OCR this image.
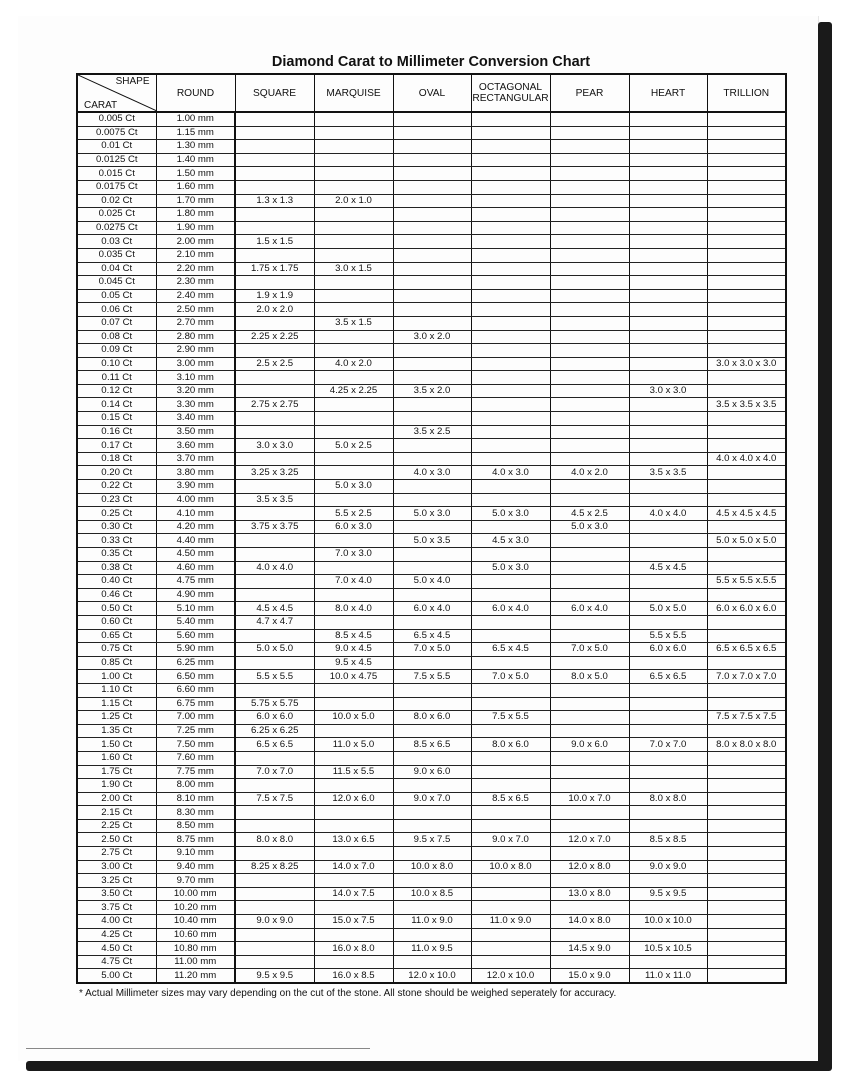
Diamond Carat to Millimeter Conversion Chart
SHAPE
CARAT	ROUND	SQUARE	MARQUISE	OVAL	OCTAGONAL
RECTANGULAR	PEAR	HEART	TRILLION
0.005 Ct	1.00 mm							
0.0075 Ct	1.15 mm							
0.01 Ct	1.30 mm							
0.0125 Ct	1.40 mm							
0.015 Ct	1.50 mm							
0.0175 Ct	1.60 mm							
0.02 Ct	1.70 mm	1.3 x 1.3	2.0 x 1.0					
0.025 Ct	1.80 mm							
0.0275 Ct	1.90 mm							
0.03 Ct	2.00 mm	1.5 x 1.5						
0.035 Ct	2.10 mm							
0.04 Ct	2.20 mm	1.75 x 1.75	3.0 x 1.5					
0.045 Ct	2.30 mm							
0.05 Ct	2.40 mm	1.9 x 1.9						
0.06 Ct	2.50 mm	2.0 x 2.0						
0.07 Ct	2.70 mm		3.5 x 1.5					
0.08 Ct	2.80 mm	2.25 x 2.25		3.0 x 2.0				
0.09 Ct	2.90 mm							
0.10 Ct	3.00 mm	2.5 x 2.5	4.0 x 2.0					3.0 x 3.0 x 3.0
0.11 Ct	3.10 mm							
0.12 Ct	3.20 mm		4.25 x 2.25	3.5 x 2.0			3.0 x 3.0	
0.14 Ct	3.30 mm	2.75 x 2.75						3.5 x 3.5 x 3.5
0.15 Ct	3.40 mm							
0.16 Ct	3.50 mm			3.5 x 2.5				
0.17 Ct	3.60 mm	3.0 x 3.0	5.0 x 2.5					
0.18 Ct	3.70 mm							4.0 x 4.0 x 4.0
0.20 Ct	3.80 mm	3.25 x 3.25		4.0 x 3.0	4.0 x 3.0	4.0 x 2.0	3.5 x 3.5	
0.22 Ct	3.90 mm		5.0 x 3.0					
0.23 Ct	4.00 mm	3.5 x 3.5						
0.25 Ct	4.10 mm		5.5 x 2.5	5.0 x 3.0	5.0 x 3.0	4.5 x 2.5	4.0 x 4.0	4.5 x 4.5 x 4.5
0.30 Ct	4.20 mm	3.75 x 3.75	6.0 x 3.0			5.0 x 3.0		
0.33 Ct	4.40 mm			5.0 x 3.5	4.5 x 3.0			5.0 x 5.0 x 5.0
0.35 Ct	4.50 mm		7.0 x 3.0					
0.38 Ct	4.60 mm	4.0 x 4.0			5.0 x 3.0		4.5 x 4.5	
0.40 Ct	4.75 mm		7.0 x 4.0	5.0 x 4.0				5.5 x 5.5 x.5.5
0.46 Ct	4.90 mm							
0.50 Ct	5.10 mm	4.5 x 4.5	8.0 x 4.0	6.0 x 4.0	6.0 x 4.0	6.0 x 4.0	5.0 x 5.0	6.0 x 6.0 x 6.0
0.60 Ct	5.40 mm	4.7 x 4.7						
0.65 Ct	5.60 mm		8.5 x 4.5	6.5 x 4.5			5.5 x 5.5	
0.75 Ct	5.90 mm	5.0 x 5.0	9.0 x 4.5	7.0 x 5.0	6.5 x 4.5	7.0 x 5.0	6.0 x 6.0	6.5 x 6.5 x 6.5
0.85 Ct	6.25 mm		9.5 x 4.5					
1.00 Ct	6.50 mm	5.5 x 5.5	10.0 x 4.75	7.5 x 5.5	7.0 x 5.0	8.0 x 5.0	6.5 x 6.5	7.0 x 7.0 x 7.0
1.10 Ct	6.60 mm							
1.15 Ct	6.75 mm	5.75 x 5.75						
1.25 Ct	7.00 mm	6.0 x 6.0	10.0 x 5.0	8.0 x 6.0	7.5 x 5.5			7.5 x 7.5 x 7.5
1.35 Ct	7.25 mm	6.25 x 6.25						
1.50 Ct	7.50 mm	6.5 x 6.5	11.0 x 5.0	8.5 x 6.5	8.0 x 6.0	9.0 x 6.0	7.0 x 7.0	8.0 x 8.0 x 8.0
1.60 Ct	7.60 mm							
1.75 Ct	7.75 mm	7.0 x 7.0	11.5 x 5.5	9.0 x 6.0				
1.90 Ct	8.00 mm							
2.00 Ct	8.10 mm	7.5 x 7.5	12.0 x 6.0	9.0 x 7.0	8.5 x 6.5	10.0 x 7.0	8.0 x 8.0	
2.15 Ct	8.30 mm							
2.25 Ct	8.50 mm							
2.50 Ct	8.75 mm	8.0 x 8.0	13.0 x 6.5	9.5 x 7.5	9.0 x 7.0	12.0 x 7.0	8.5 x 8.5	
2.75 Ct	9.10 mm							
3.00 Ct	9.40 mm	8.25 x 8.25	14.0 x 7.0	10.0 x 8.0	10.0 x 8.0	12.0 x 8.0	9.0 x 9.0	
3.25 Ct	9.70 mm							
3.50 Ct	10.00 mm		14.0 x 7.5	10.0 x 8.5		13.0 x 8.0	9.5 x 9.5	
3.75 Ct	10.20 mm							
4.00 Ct	10.40 mm	9.0 x 9.0	15.0 x 7.5	11.0 x 9.0	11.0 x 9.0	14.0 x 8.0	10.0 x 10.0	
4.25 Ct	10.60 mm							
4.50 Ct	10.80 mm		16.0 x 8.0	11.0 x 9.5		14.5 x 9.0	10.5 x 10.5	
4.75 Ct	11.00 mm							
5.00 Ct	11.20 mm	9.5 x 9.5	16.0 x 8.5	12.0 x 10.0	12.0 x 10.0	15.0 x 9.0	11.0 x 11.0	
* Actual Millimeter sizes may vary depending on the cut of the stone. All stone should be weighed seperately for accuracy.
